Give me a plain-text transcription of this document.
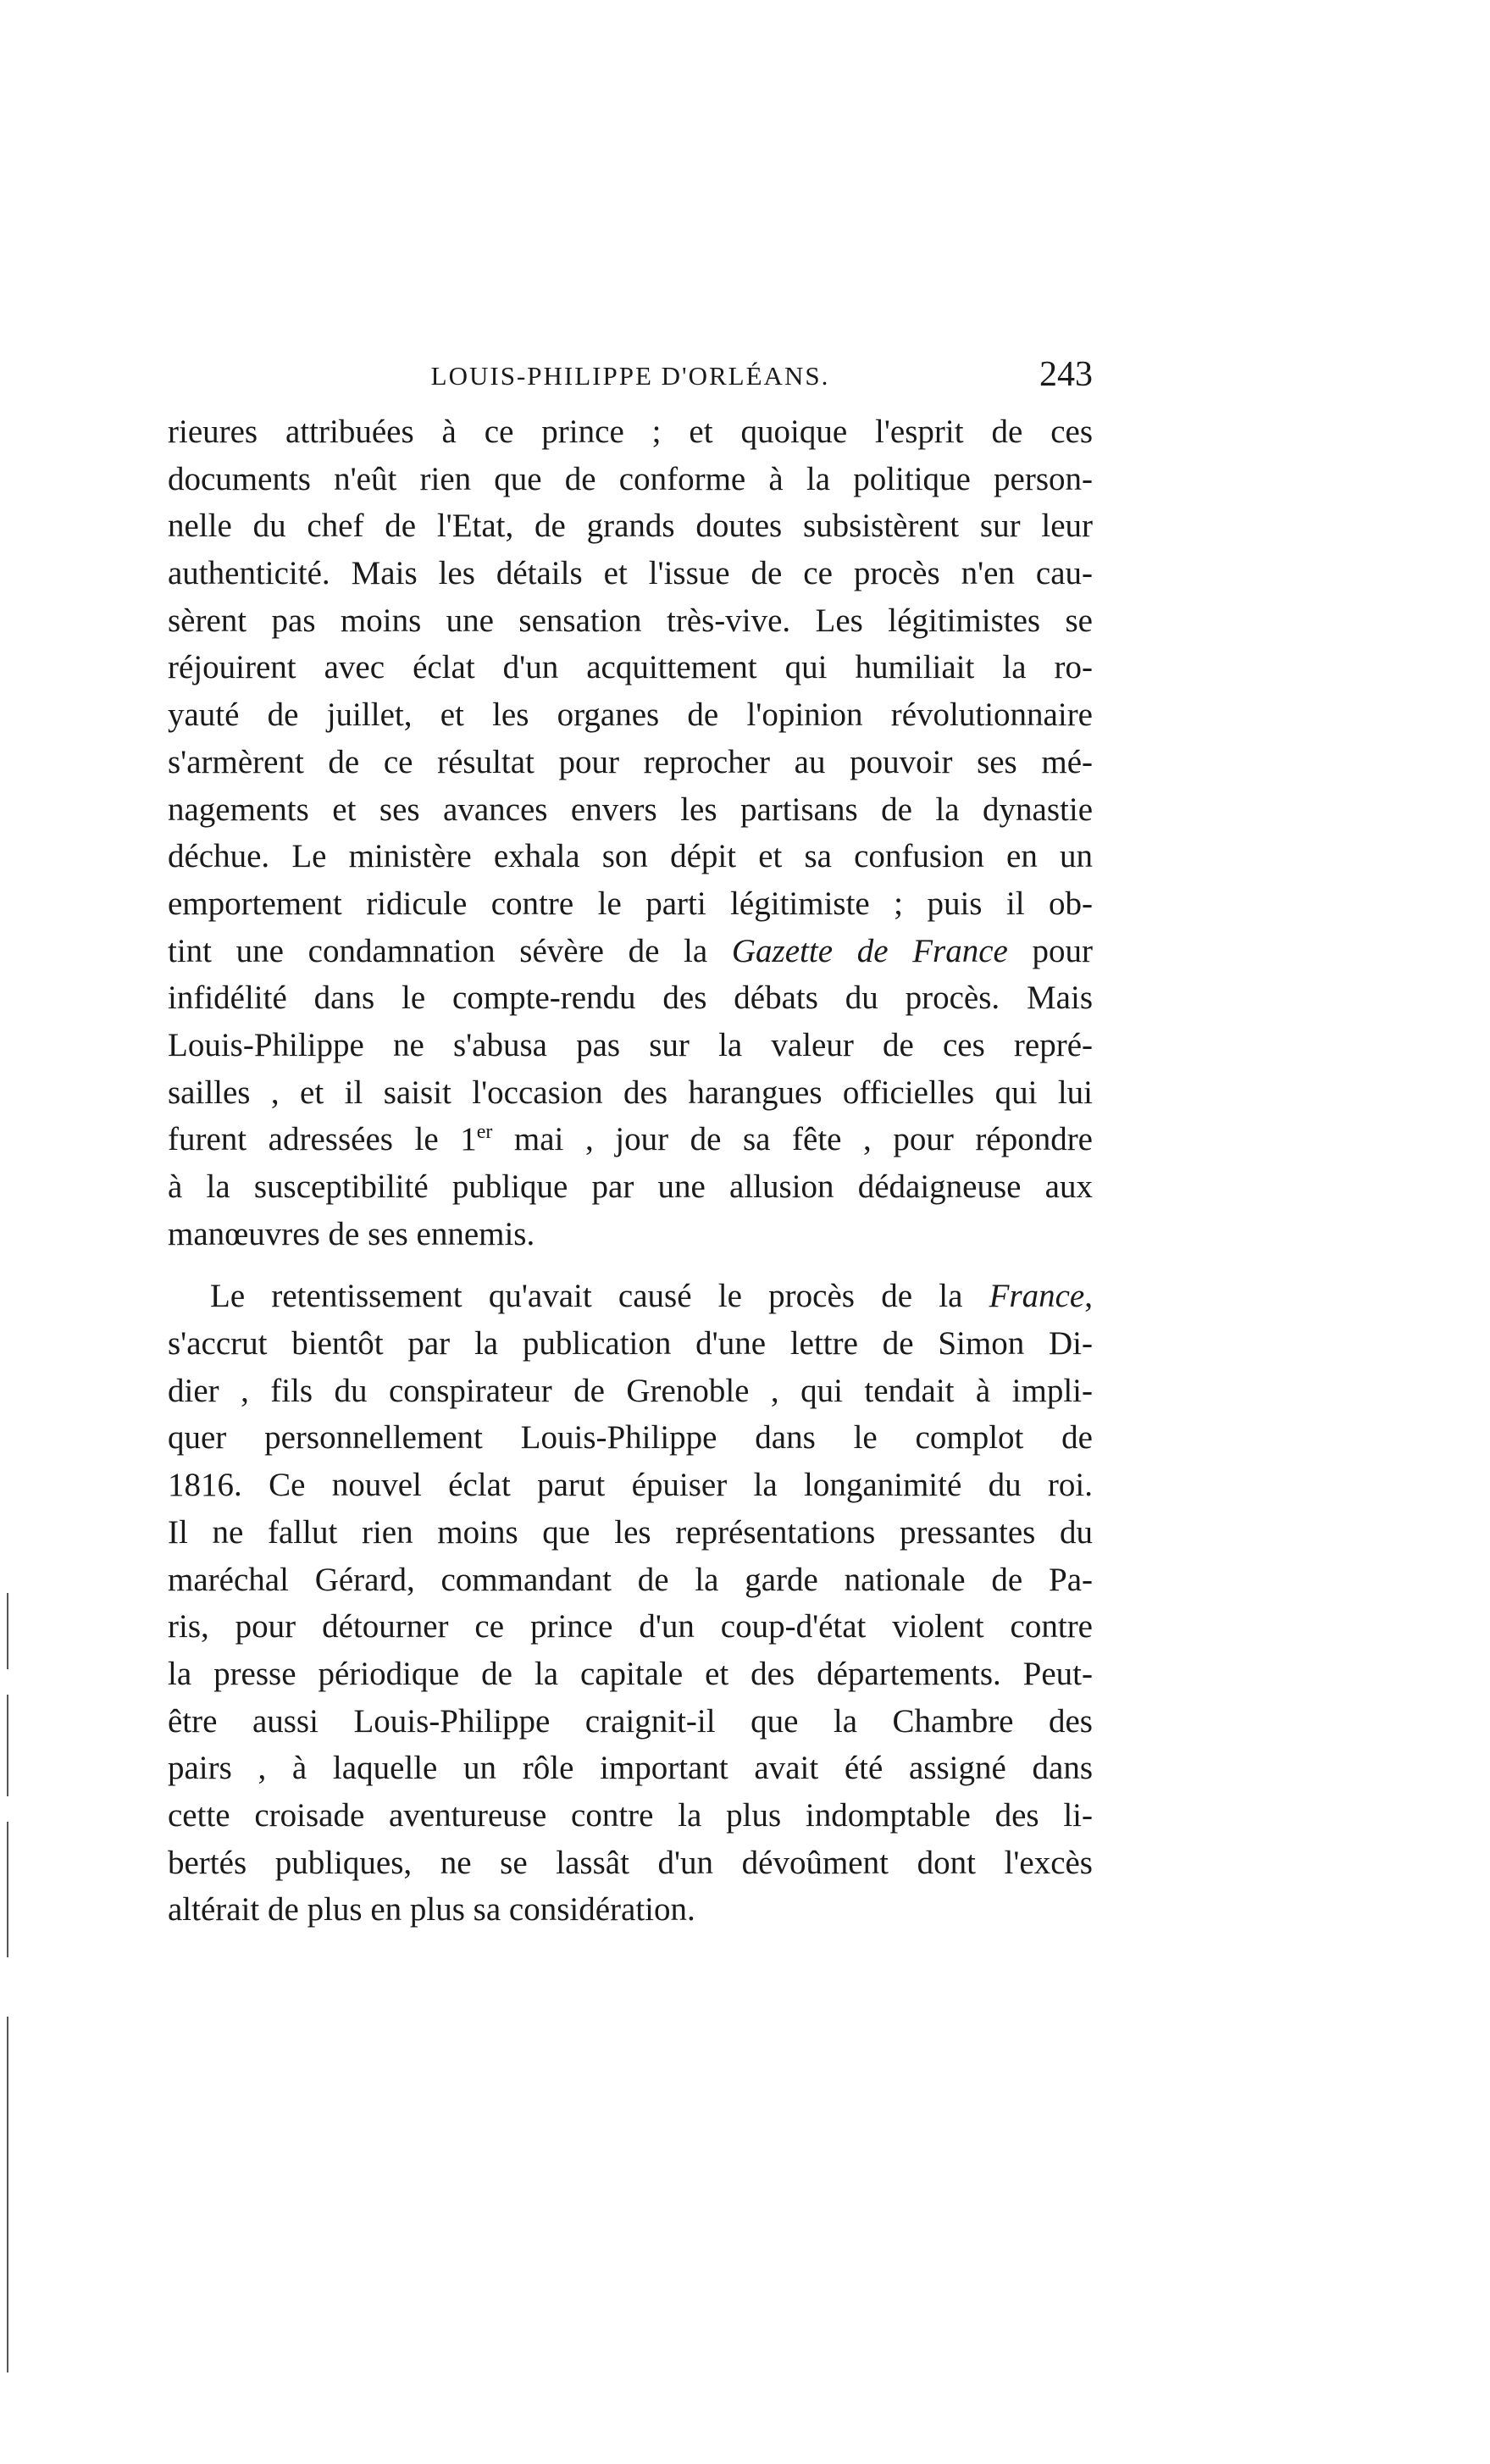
LOUIS-PHILIPPE D'ORLÉANS.	243
rieures attribuées à ce prince ; et quoique l'esprit de ces
documents n'eût rien que de conforme à la politique person-
nelle du chef de l'Etat, de grands doutes subsistèrent sur leur
authenticité. Mais les détails et l'issue de ce procès n'en cau-
sèrent pas moins une sensation très-vive. Les légitimistes se
réjouirent avec éclat d'un acquittement qui humiliait la ro-
yauté de juillet, et les organes de l'opinion révolutionnaire
s'armèrent de ce résultat pour reprocher au pouvoir ses mé-
nagements et ses avances envers les partisans de la dynastie
déchue. Le ministère exhala son dépit et sa confusion en un
emportement ridicule contre le parti légitimiste ; puis il ob-
tint une condamnation sévère de la Gazette de France pour
infidélité dans le compte-rendu des débats du procès. Mais
Louis-Philippe ne s'abusa pas sur la valeur de ces repré-
sailles , et il saisit l'occasion des harangues officielles qui lui
furent adressées le 1er mai , jour de sa fête , pour répondre
à la susceptibilité publique par une allusion dédaigneuse aux
manœuvres de ses ennemis.
Le retentissement qu'avait causé le procès de la France,
s'accrut bientôt par la publication d'une lettre de Simon Di-
dier , fils du conspirateur de Grenoble , qui tendait à impli-
quer personnellement Louis-Philippe dans le complot de
1816. Ce nouvel éclat parut épuiser la longanimité du roi.
Il ne fallut rien moins que les représentations pressantes du
maréchal Gérard, commandant de la garde nationale de Pa-
ris, pour détourner ce prince d'un coup-d'état violent contre
la presse périodique de la capitale et des départements. Peut-
être aussi Louis-Philippe craignit-il que la Chambre des
pairs , à laquelle un rôle important avait été assigné dans
cette croisade aventureuse contre la plus indomptable des li-
bertés publiques, ne se lassât d'un dévoûment dont l'excès
altérait de plus en plus sa considération.
